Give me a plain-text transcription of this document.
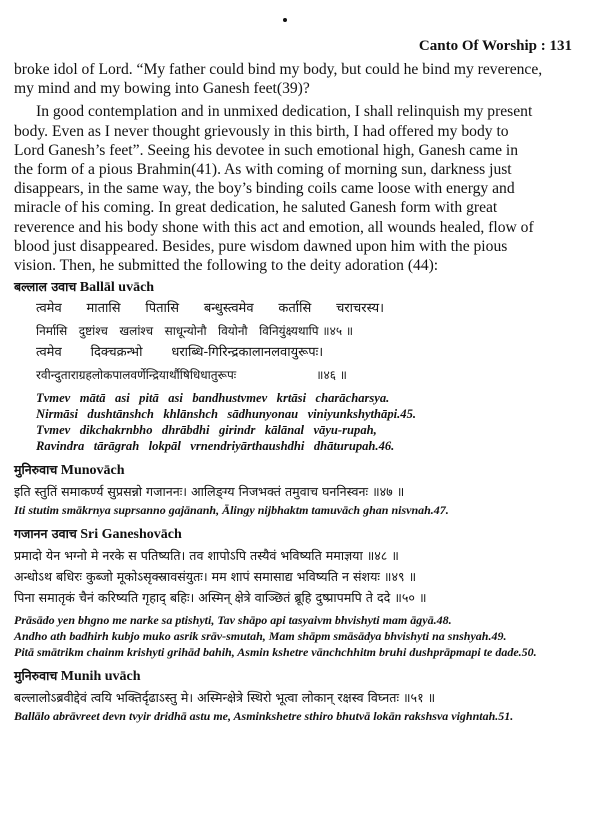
Canto Of Worship : 131

broke idol of Lord. “My father could bind my body, but could he bind my reverence,
my mind and my bowing into Ganesh feet(39)?

In good contemplation and in unmixed dedication, I shall relinquish my present
body. Even as I never thought grievously in this birth, I had offered my body to
Lord Ganesh’s feet”. Seeing his devotee in such emotional high, Ganesh came in
the form of a pious Brahmin(41). As with coming of morning sun, darkness just
disappears, in the same way, the boy’s binding coils came loose with energy and
miracle of his coming. In great dedication, he saluted Ganesh form with great
reverence and his body shone with this act and emotion, all wounds healed, flow of
blood just disappeared. Besides, pure wisdom dawned upon him with the pious
vision. Then, he submitted the following to the deity adoration (44):

बल्लाल उवाच Ballāl uvāch
त्वमेव      मातासि      पितासि      बन्धुस्त्वमेव      कर्तासि      चराचरस्य।
निर्मासि   दुष्टांश्च   खलांश्च   साधून्योनौ   वियोनौ   विनियुंक्ष्यथापि ॥४५ ॥
त्वमेव       दिक्चक्रन्भो       धराब्धि-गिरिन्द्रकालानलवायुरूपः।
रवीन्दुताराग्रहलोकपालवर्णेन्द्रियार्थौषिधिधातुरूपः                     ॥४६ ॥
Tvmev   mātā   asi   pitā   asi   bandhustvmev   krtāsi   charācharsya.
Nirmāsi   dushtānshch   khlānshch   sādhunyonau   viniyunkshythāpi.45.
Tvmev   dikchakrnbho   dhrābdhi   girindr   kālānal   vāyu-rupah,
Ravindra   tārāgrah   lokpāl   vrnendriyārthaushdhi   dhāturupah.46.
मुनिरुवाच Munovāch
इति स्तुतिं समाकर्ण्य सुप्रसन्नो गजाननः। आलिङ्ग्य निजभक्तं तमुवाच घननिस्वनः ॥४७ ॥
Iti stutim smākrnya suprsanno gajānanh, Ālingy nijbhaktm tamuvāch ghan nisvnah.47.
गजानन उवाच Sri Ganeshovāch
प्रमादो येन भग्नो मे नरके स पतिष्यति। तव शापोऽपि तस्यैवं भविष्यति ममाज्ञया ॥४८ ॥
अन्धोऽथ बधिरः कुब्जो मूकोऽसृक्स्रावसंयुतः। मम शापं समासाद्य भविष्यति न संशयः ॥४९ ॥
पिना समातृकं चैनं करिष्यति गृहाद् बहिः। अस्मिन् क्षेत्रे वाञ्छितं ब्रूहि दुष्प्रापमपि ते ददे ॥५० ॥
Prāsādo yen bhgno me narke sa ptishyti, Tav shāpo api tasyaivm bhvishyti mam āgyā.48.
Andho ath badhirh kubjo muko asrik srāv-smutah, Mam shāpm smāsādya bhvishyti na snshyah.49.
Pitā smātrikm chainm krishyti grihād bahih, Asmin kshetre vānchchhitm bruhi dushprāpmapi te dade.50.
मुनिरुवाच Munih uvāch
बल्लालोऽब्रवीद्देवं त्वयि भक्तिर्दृढाऽस्तु मे। अस्मिन्क्षेत्रे स्थिरो भूत्वा लोकान् रक्षस्व विघ्नतः ॥५१ ॥
Ballālo abrāvreet devn tvyir dridhā astu me, Asminkshetre sthiro bhutvā lokān rakshsva vighntah.51.
